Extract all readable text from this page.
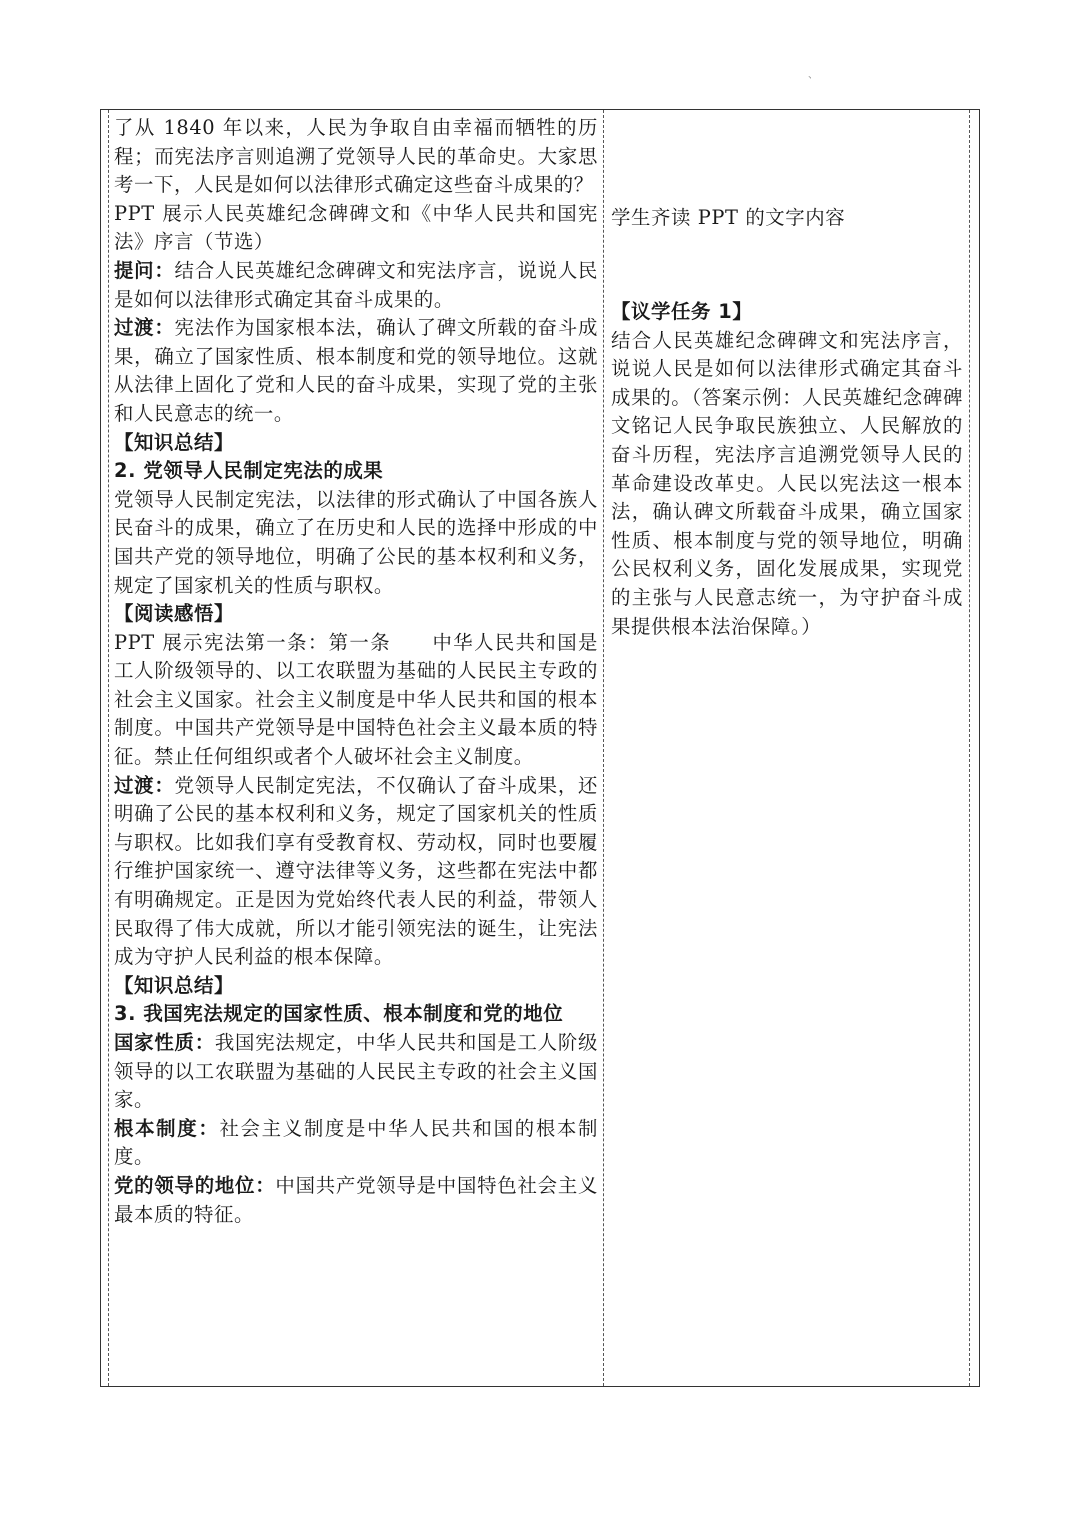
、

了从 1840 年以来，人民为争取自由幸福而牺牲的历程；而宪法序言则追溯了党领导人民的革命史。大家思考一下，人民是如何以法律形式确定这些奋斗成果的？

PPT 展示人民英雄纪念碑碑文和《中华人民共和国宪法》序言（节选）

提问：结合人民英雄纪念碑碑文和宪法序言，说说人民是如何以法律形式确定其奋斗成果的。

过渡：宪法作为国家根本法，确认了碑文所载的奋斗成果，确立了国家性质、根本制度和党的领导地位。这就从法律上固化了党和人民的奋斗成果，实现了党的主张和人民意志的统一。

【知识总结】

2. 党领导人民制定宪法的成果

党领导人民制定宪法，以法律的形式确认了中国各族人民奋斗的成果，确立了在历史和人民的选择中形成的中国共产党的领导地位，明确了公民的基本权利和义务，规定了国家机关的性质与职权。

【阅读感悟】

PPT 展示宪法第一条：第一条　　中华人民共和国是工人阶级领导的、以工农联盟为基础的人民民主专政的社会主义国家。社会主义制度是中华人民共和国的根本制度。中国共产党领导是中国特色社会主义最本质的特征。禁止任何组织或者个人破坏社会主义制度。

过渡：党领导人民制定宪法，不仅确认了奋斗成果，还明确了公民的基本权利和义务，规定了国家机关的性质与职权。比如我们享有受教育权、劳动权，同时也要履行维护国家统一、遵守法律等义务，这些都在宪法中都有明确规定。正是因为党始终代表人民的利益，带领人民取得了伟大成就，所以才能引领宪法的诞生，让宪法成为守护人民利益的根本保障。

【知识总结】

3. 我国宪法规定的国家性质、根本制度和党的地位

国家性质：我国宪法规定，中华人民共和国是工人阶级领导的以工农联盟为基础的人民民主专政的社会主义国家。

根本制度：社会主义制度是中华人民共和国的根本制度。

党的领导的地位：中国共产党领导是中国特色社会主义最本质的特征。

学生齐读 PPT 的文字内容

【议学任务 1】

结合人民英雄纪念碑碑文和宪法序言，说说人民是如何以法律形式确定其奋斗成果的。（答案示例：人民英雄纪念碑碑文铭记人民争取民族独立、人民解放的奋斗历程，宪法序言追溯党领导人民的革命建设改革史。人民以宪法这一根本法，确认碑文所载奋斗成果，确立国家性质、根本制度与党的领导地位，明确公民权利义务，固化发展成果，实现党的主张与人民意志统一，为守护奋斗成果提供根本法治保障。）
